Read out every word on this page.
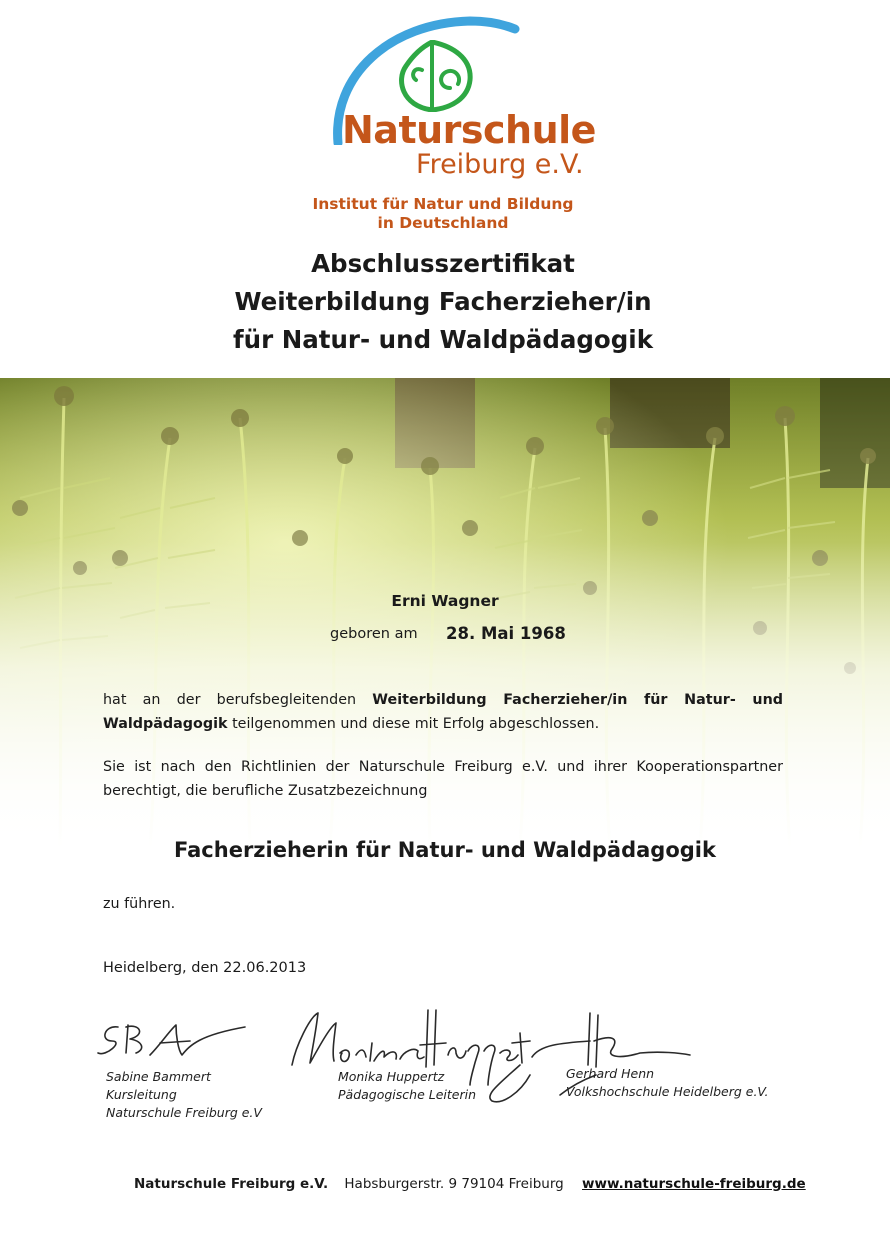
Naturschule
Freiburg e.V.
Institut für Natur und Bildung
in Deutschland
Abschlusszertifikat
Weiterbildung Facherzieher/in
für Natur- und Waldpädagogik
Erni Wagner
geboren am 28. Mai 1968
hat an der berufsbegleitenden Weiterbildung Facherzieher/in für Natur- und Waldpädagogik teilgenommen und diese mit Erfolg abgeschlossen.
Sie ist nach den Richtlinien der Naturschule Freiburg e.V. und ihrer Kooperationspartner berechtigt, die berufliche Zusatzbezeichnung
Facherzieherin für Natur- und Waldpädagogik
zu führen.
Heidelberg, den 22.06.2013
Sabine Bammert
Kursleitung
Naturschule Freiburg e.V
Monika Huppertz
Pädagogische Leiterin
Gerhard Henn
Volkshochschule Heidelberg e.V.
Naturschule Freiburg e.V. Habsburgerstr. 9 79104 Freiburg www.naturschule-freiburg.de
